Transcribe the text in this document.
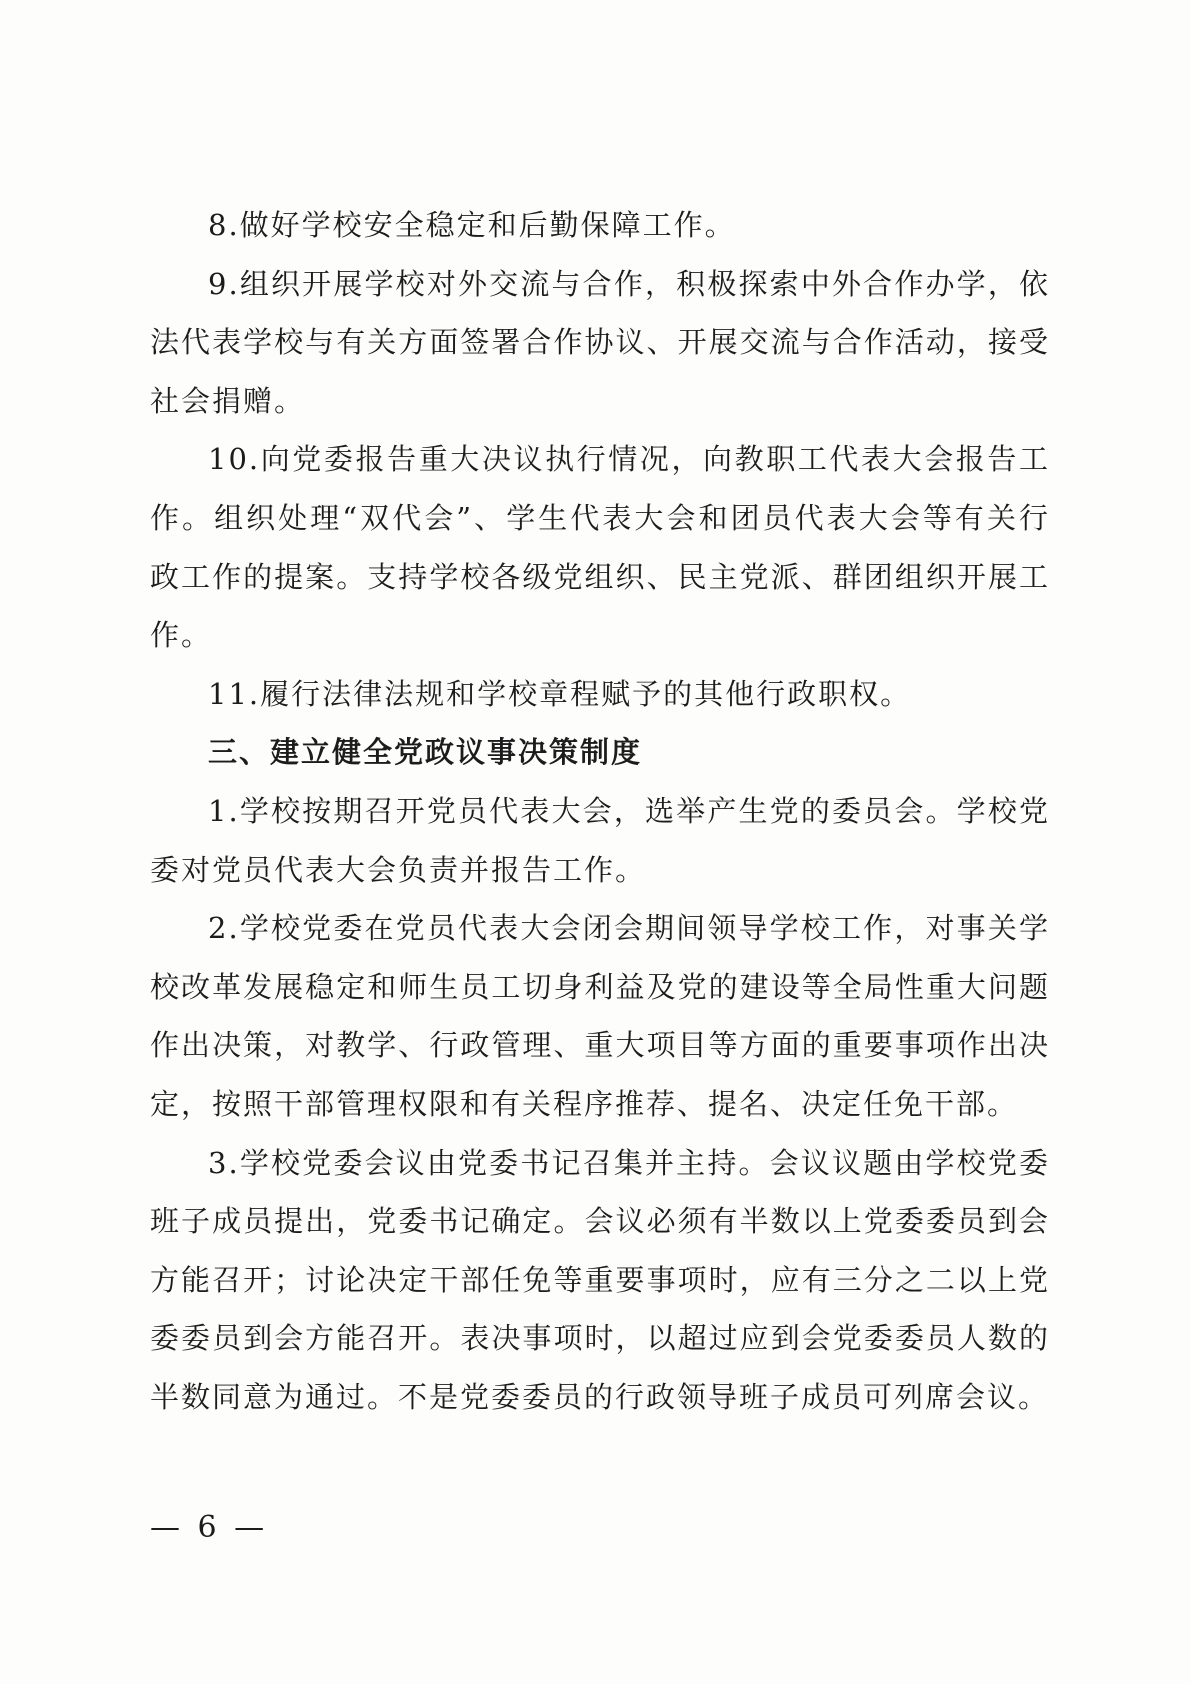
8.做好学校安全稳定和后勤保障工作。

9.组织开展学校对外交流与合作，积极探索中外合作办学，依法代表学校与有关方面签署合作协议、开展交流与合作活动，接受社会捐赠。

10.向党委报告重大决议执行情况，向教职工代表大会报告工作。组织处理“双代会”、学生代表大会和团员代表大会等有关行政工作的提案。支持学校各级党组织、民主党派、群团组织开展工作。

11.履行法律法规和学校章程赋予的其他行政职权。

三、建立健全党政议事决策制度

1.学校按期召开党员代表大会，选举产生党的委员会。学校党委对党员代表大会负责并报告工作。

2.学校党委在党员代表大会闭会期间领导学校工作，对事关学校改革发展稳定和师生员工切身利益及党的建设等全局性重大问题作出决策，对教学、行政管理、重大项目等方面的重要事项作出决定，按照干部管理权限和有关程序推荐、提名、决定任免干部。

3.学校党委会议由党委书记召集并主持。会议议题由学校党委班子成员提出，党委书记确定。会议必须有半数以上党委委员到会方能召开；讨论决定干部任免等重要事项时，应有三分之二以上党委委员到会方能召开。表决事项时，以超过应到会党委委员人数的半数同意为通过。不是党委委员的行政领导班子成员可列席会议。

— 6 —
